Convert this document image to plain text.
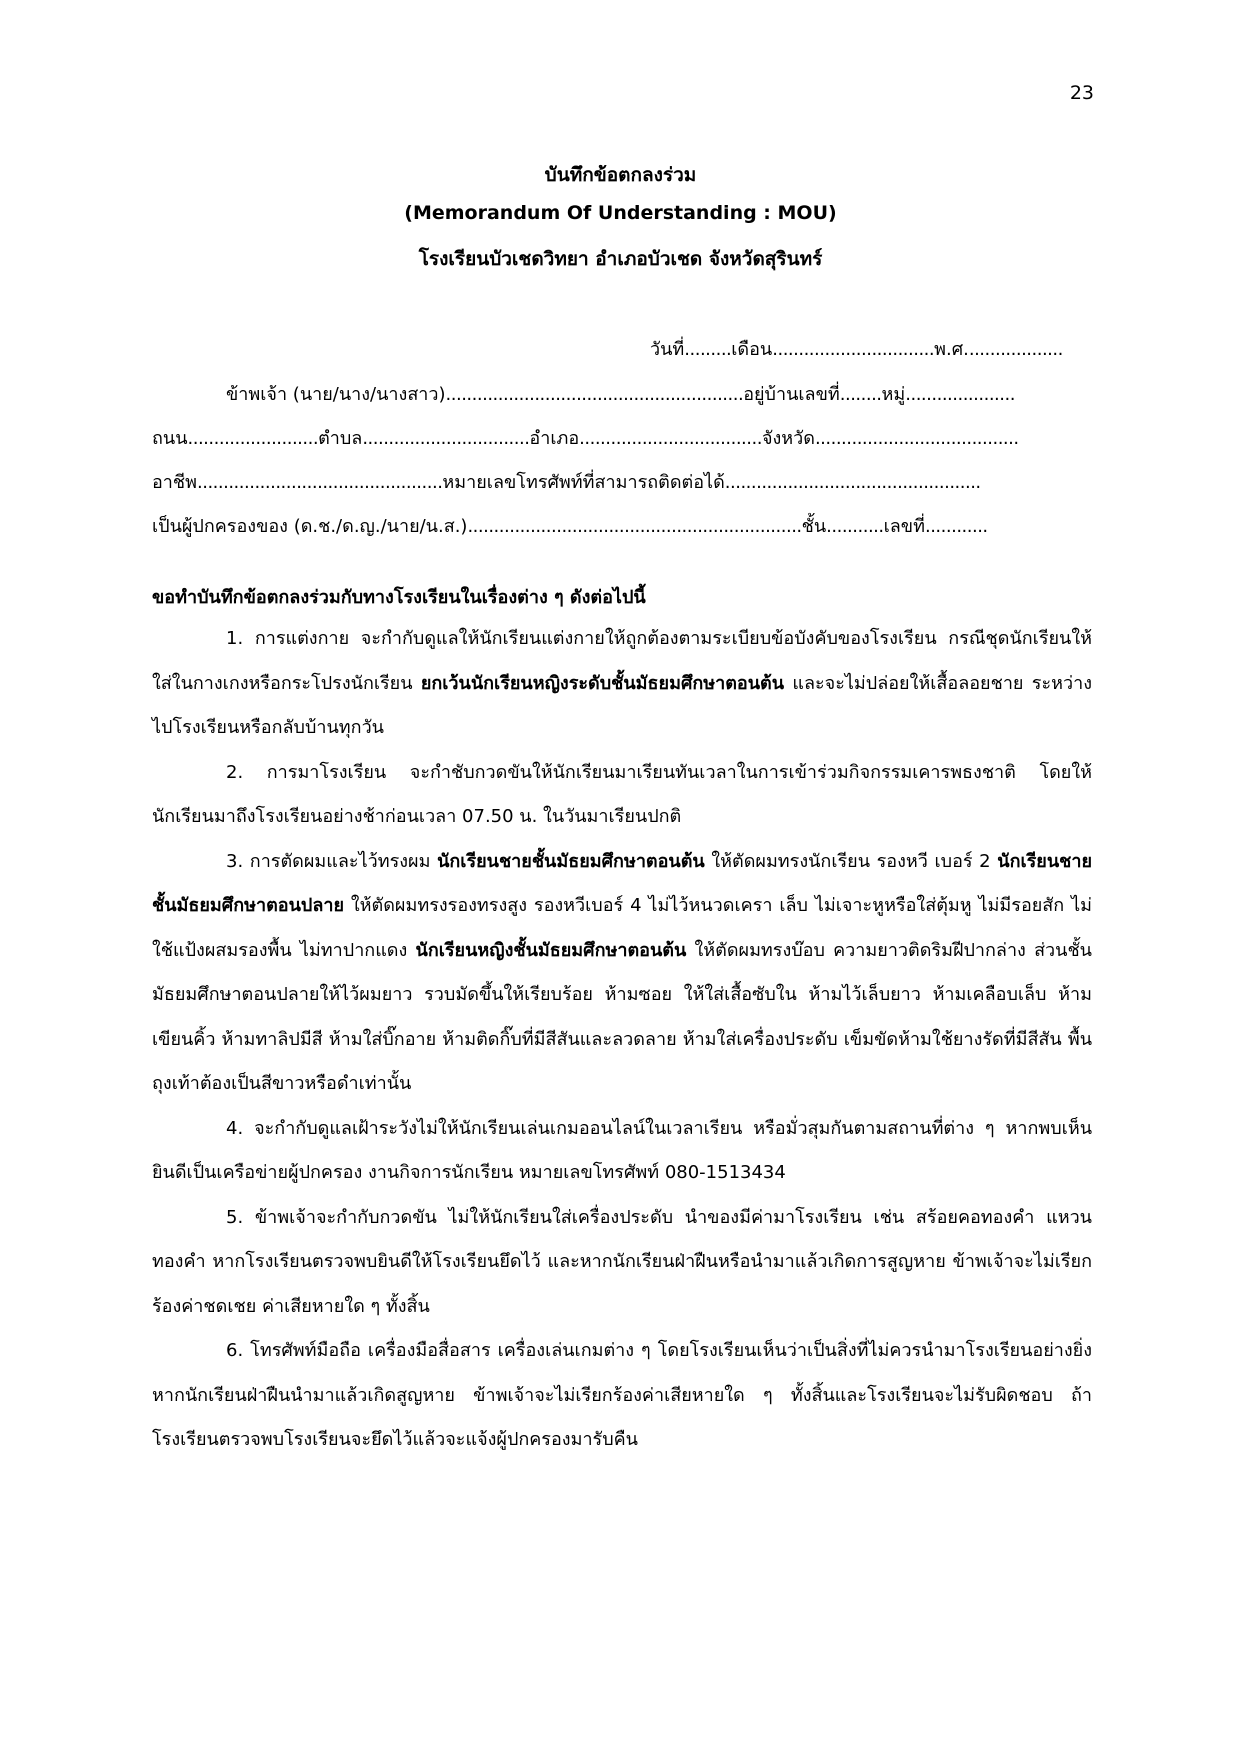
23
บันทึกข้อตกลงร่วม
(Memorandum Of Understanding : MOU)
โรงเรียนบัวเชดวิทยา อำเภอบัวเชด จังหวัดสุรินทร์
วันที่.........เดือน...............................พ.ศ...................
ข้าพเจ้า (นาย/นาง/นางสาว).........................................................อยู่บ้านเลขที่........หมู่.....................
ถนน.........................ตำบล................................อำเภอ...................................จังหวัด.......................................
อาชีพ...............................................หมายเลขโทรศัพท์ที่สามารถติดต่อได้.................................................
เป็นผู้ปกครองของ (ด.ช./ด.ญ./นาย/น.ส.)................................................................ชั้น...........เลขที่............
ขอทำบันทึกข้อตกลงร่วมกับทางโรงเรียนในเรื่องต่าง ๆ ดังต่อไปนี้

1. การแต่งกาย จะกำกับดูแลให้นักเรียนแต่งกายให้ถูกต้องตามระเบียบข้อบังคับของโรงเรียน กรณีชุดนักเรียนให้ใส่ในกางเกงหรือกระโปรงนักเรียน ยกเว้นนักเรียนหญิงระดับชั้นมัธยมศึกษาตอนต้น และจะไม่ปล่อยให้เสื้อลอยชาย ระหว่างไปโรงเรียนหรือกลับบ้านทุกวัน

2. การมาโรงเรียน จะกำชับกวดขันให้นักเรียนมาเรียนทันเวลาในการเข้าร่วมกิจกรรมเคารพธงชาติ โดยให้นักเรียนมาถึงโรงเรียนอย่างช้าก่อนเวลา 07.50 น. ในวันมาเรียนปกติ

3. การตัดผมและไว้ทรงผม นักเรียนชายชั้นมัธยมศึกษาตอนต้น ให้ตัดผมทรงนักเรียน รองหวี เบอร์ 2 นักเรียนชายชั้นมัธยมศึกษาตอนปลาย ให้ตัดผมทรงรองทรงสูง รองหวีเบอร์ 4 ไม่ไว้หนวดเครา เล็บ ไม่เจาะหูหรือใส่ตุ้มหู ไม่มีรอยสัก ไม่ใช้แป้งผสมรองพื้น ไม่ทาปากแดง นักเรียนหญิงชั้นมัธยมศึกษาตอนต้น ให้ตัดผมทรงบ๊อบ ความยาวติดริมฝีปากล่าง ส่วนชั้นมัธยมศึกษาตอนปลายให้ไว้ผมยาว รวบมัดขึ้นให้เรียบร้อย ห้ามซอย ให้ใส่เสื้อซับใน ห้ามไว้เล็บยาว ห้ามเคลือบเล็บ ห้ามเขียนคิ้ว ห้ามทาลิปมีสี ห้ามใส่บิ๊กอาย ห้ามติดกิ๊บที่มีสีสันและลวดลาย ห้ามใส่เครื่องประดับ เข็มขัดห้ามใช้ยางรัดที่มีสีสัน พื้นถุงเท้าต้องเป็นสีขาวหรือดำเท่านั้น

4. จะกำกับดูแลเฝ้าระวังไม่ให้นักเรียนเล่นเกมออนไลน์ในเวลาเรียน หรือมั่วสุมกันตามสถานที่ต่าง ๆ หากพบเห็นยินดีเป็นเครือข่ายผู้ปกครอง งานกิจการนักเรียน หมายเลขโทรศัพท์ 080-1513434

5. ข้าพเจ้าจะกำกับกวดขัน ไม่ให้นักเรียนใส่เครื่องประดับ นำของมีค่ามาโรงเรียน เช่น สร้อยคอทองคำ แหวนทองคำ หากโรงเรียนตรวจพบยินดีให้โรงเรียนยึดไว้ และหากนักเรียนฝ่าฝืนหรือนำมาแล้วเกิดการสูญหาย ข้าพเจ้าจะไม่เรียกร้องค่าชดเชย ค่าเสียหายใด ๆ ทั้งสิ้น

6. โทรศัพท์มือถือ เครื่องมือสื่อสาร เครื่องเล่นเกมต่าง ๆ โดยโรงเรียนเห็นว่าเป็นสิ่งที่ไม่ควรนำมาโรงเรียนอย่างยิ่ง หากนักเรียนฝ่าฝืนนำมาแล้วเกิดสูญหาย ข้าพเจ้าจะไม่เรียกร้องค่าเสียหายใด ๆ ทั้งสิ้นและโรงเรียนจะไม่รับผิดชอบ ถ้าโรงเรียนตรวจพบโรงเรียนจะยึดไว้แล้วจะแจ้งผู้ปกครองมารับคืน
